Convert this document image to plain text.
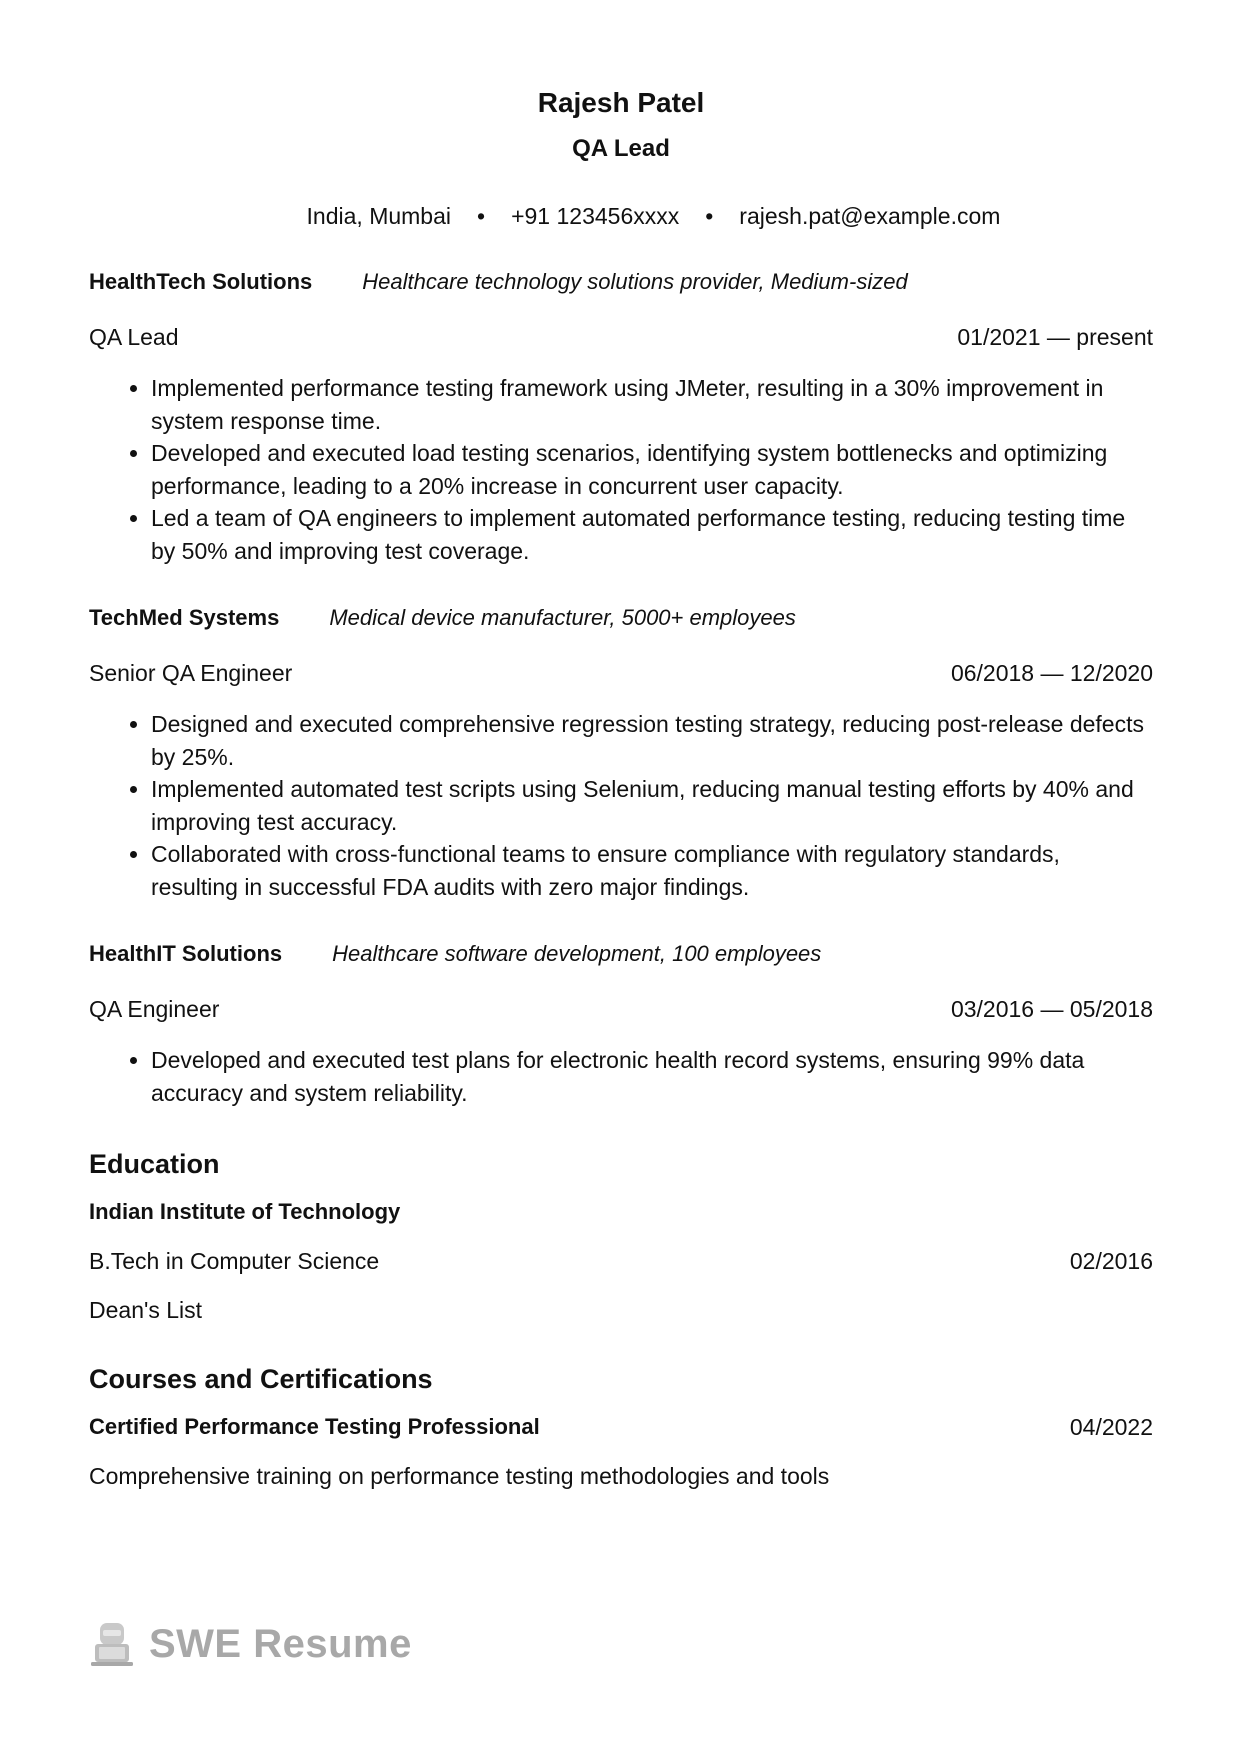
Rajesh Patel
QA Lead
India, Mumbai • +91 123456xxxx • rajesh.pat@example.com
HealthTech Solutions Healthcare technology solutions provider, Medium-sized
QA Lead	01/2021 — present
• Implemented performance testing framework using JMeter, resulting in a 30% improvement in system response time.
• Developed and executed load testing scenarios, identifying system bottlenecks and optimizing performance, leading to a 20% increase in concurrent user capacity.
• Led a team of QA engineers to implement automated performance testing, reducing testing time by 50% and improving test coverage.
TechMed Systems Medical device manufacturer, 5000+ employees
Senior QA Engineer	06/2018 — 12/2020
• Designed and executed comprehensive regression testing strategy, reducing post-release defects by 25%.
• Implemented automated test scripts using Selenium, reducing manual testing efforts by 40% and improving test accuracy.
• Collaborated with cross-functional teams to ensure compliance with regulatory standards, resulting in successful FDA audits with zero major findings.
HealthIT Solutions Healthcare software development, 100 employees
QA Engineer	03/2016 — 05/2018
• Developed and executed test plans for electronic health record systems, ensuring 99% data accuracy and system reliability.
Education
Indian Institute of Technology
B.Tech in Computer Science	02/2016
Dean's List
Courses and Certifications
Certified Performance Testing Professional	04/2022
Comprehensive training on performance testing methodologies and tools
SWE Resume
